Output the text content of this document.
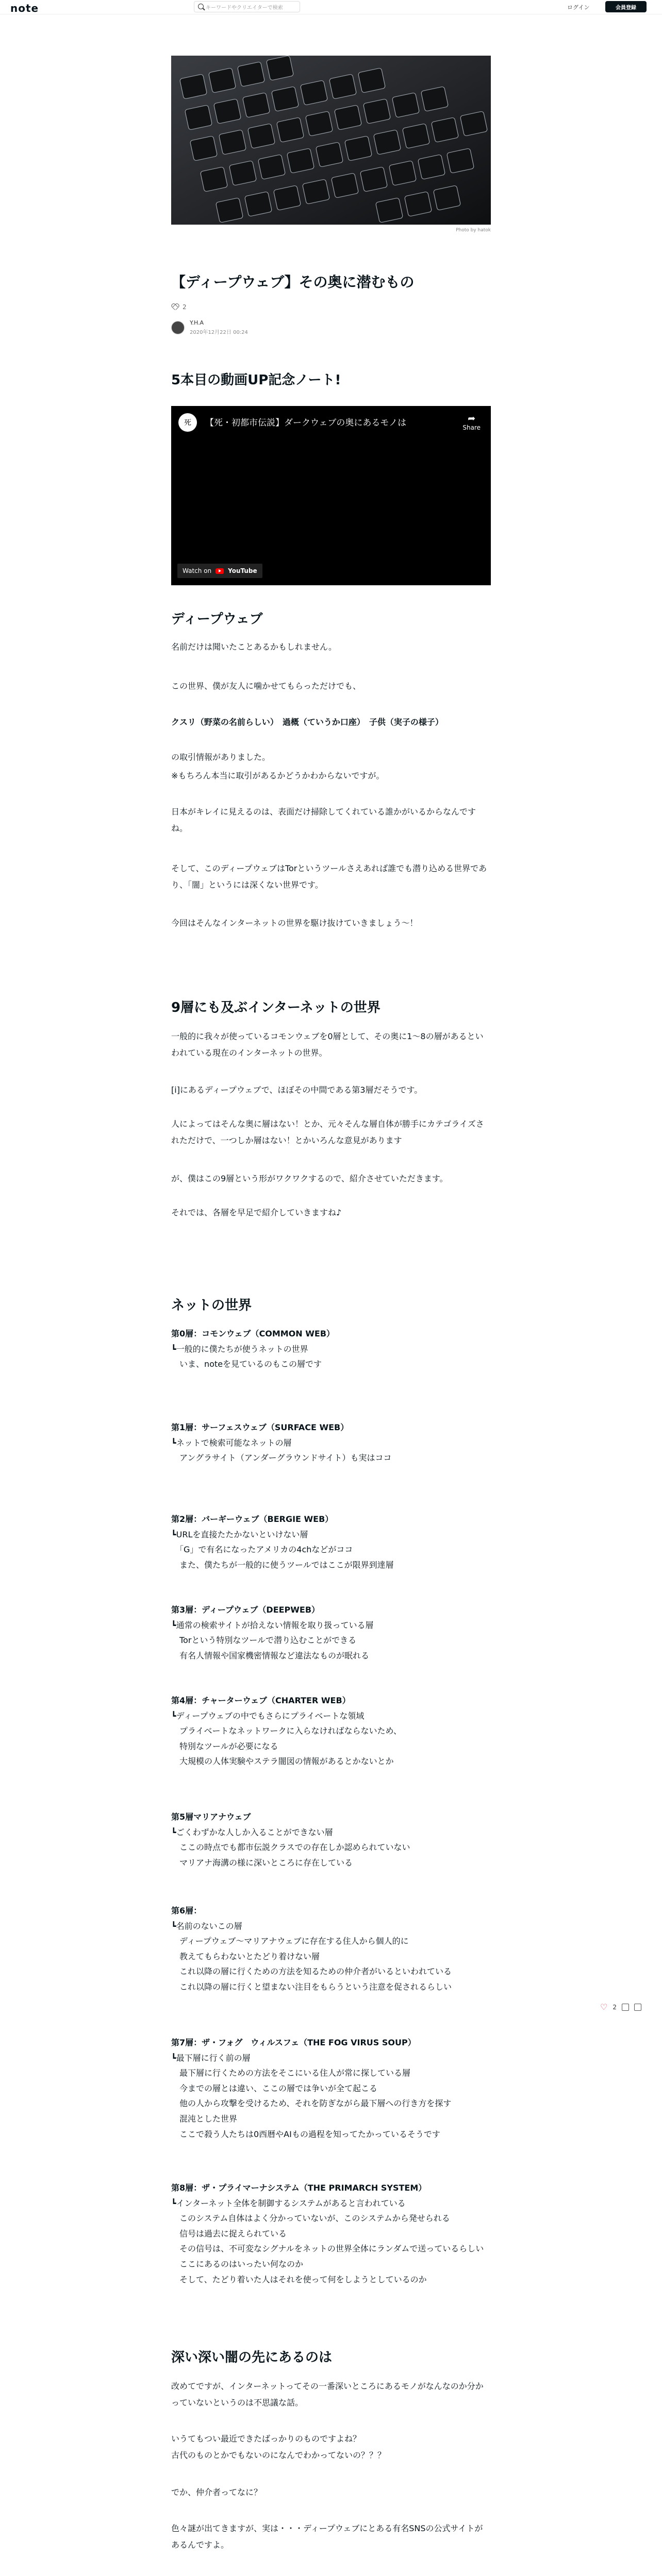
note	キーワードやクリエイターで検索	ログイン	会員登録
Photo by hatok
【ディープウェブ】その奥に潜むもの
2
Y.H.A
2020年12月22日 00:24
5本目の動画UP記念ノート!
死	【死・初都市伝説】ダークウェブの奥にあるモノは	➦
Share
Watch on	YouTube
ディープウェブ
名前だけは聞いたことあるかもしれません。
この世界、僕が友人に噛かせてもらっただけでも、
クスリ（野菜の名前らしい）　過概（ていうか口座）　子供（実子の様子）
の取引情報がありました。
※もちろん本当に取引があるかどうかわからないですが。
日本がキレイに見えるのは、表面だけ掃除してくれている誰かがいるからなんですね。
そして、このディープウェブはTorというツールさえあれば誰でも潜り込める世界であり、「闇」というには深くない世界です。
今回はそんなインターネットの世界を駆け抜けていきましょう〜！
9層にも及ぶインターネットの世界
一般的に我々が使っているコモンウェブを0層として、その奥に1〜8の層があるといわれている現在のインターネットの世界。
[i]にあるディープウェブで、ほぼその中間である第3層だそうです。
人によってはそんな奥に層はない！とか、元々そんな層自体が勝手にカテゴライズされただけで、一つしか層はない！とかいろんな意見があります
が、僕はこの9層という形がワクワクするので、紹介させていただきます。
それでは、各層を早足で紹介していきますね♪
ネットの世界
第0層：コモンウェブ（COMMON WEB）
┗一般的に僕たちが使うネットの世界
　いま、noteを見ているのもこの層です
第1層：サーフェスウェブ（SURFACE WEB）
┗ネットで検索可能なネットの層
　アングラサイト（アンダーグラウンドサイト）も実はココ
第2層：バーギーウェブ（BERGIE WEB）
┗URLを直接たたかないといけない層
　「G」で有名になったアメリカの4chなどがココ
　また、僕たちが一般的に使うツールではここが限界到達層
第3層：ディープウェブ（DEEPWEB）
┗通常の検索サイトが拾えない情報を取り扱っている層
　Torという特別なツールで潜り込むことができる
　有名人情報や国家機密情報など違法なものが眠れる
第4層：チャーターウェブ（CHARTER WEB）
┗ディープウェブの中でもさらにプライベートな領域
　プライベートなネットワークに入らなければならないため、
　特別なツールが必要になる
　大規模の人体実験やステラ闇図の情報があるとかないとか
第5層マリアナウェブ
┗ごくわずかな人しか入ることができない層
　ここの時点でも都市伝説クラスでの存在しか認められていない
　マリアナ海溝の様に深いところに存在している
第6層：
┗名前のないこの層
　ディープウェブ〜マリアナウェブに存在する住人から個人的に
　教えてもらわないとたどり着けない層
　これ以降の層に行くための方法を知るための仲介者がいるといわれている
　これ以降の層に行くと望まない注目をもらうという注意を促されるらしい
第7層：ザ・フォグ　ウィルスフェ（THE FOG VIRUS SOUP）
┗最下層に行く前の層
　最下層に行くための方法をそこにいる住人が常に探している層
　今までの層とは違い、ここの層では争いが全て起こる
　他の人から攻撃を受けるため、それを防ぎながら最下層への行き方を探す
　混沌とした世界
　ここで殺う人たちは0西暦やAIもの過程を知ってたかっているそうです
第8層：ザ・プライマーナシステム（THE PRIMARCH SYSTEM）
┗インターネット全体を制御するシステムがあると言われている
　このシステム自体はよく分かっていないが、このシステムから発せられる
　信号は過去に捉えられている
　その信号は、不可変なシグナルをネットの世界全体にランダムで送っているらしい
　ここにあるのはいったい何なのか
　そして、たどり着いた人はそれを使って何をしようとしているのか
深い深い闇の先にあるのは
改めてですが、インターネットってその一番深いところにあるモノがなんなのか分かっていないというのは不思議な話。
いうてもつい最近できたばっかりのものですよね？
古代のものとかでもないのになんでわかってないの？？？
でか、仲介者ってなに？
色々謎が出てきますが、実は・・・ディープウェブにとある有名SNSの公式サイトがあるんですよ。
♡ 2
